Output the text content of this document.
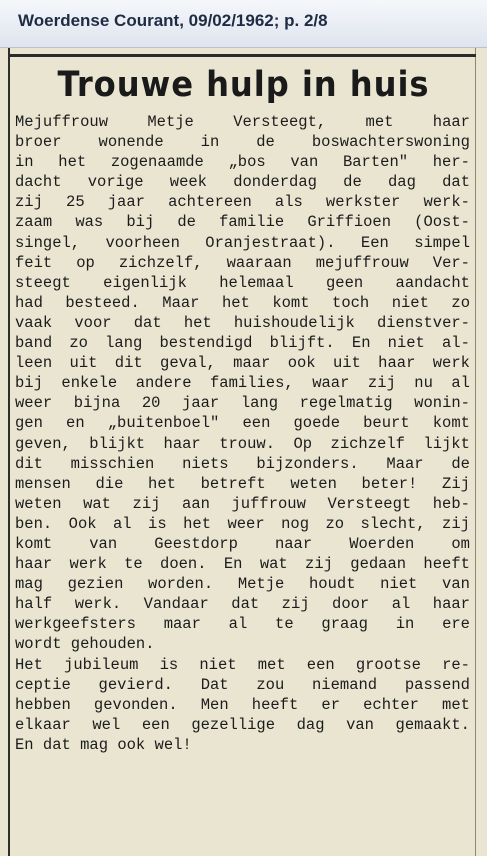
Woerdense Courant, 09/02/1962; p. 2/8
Trouwe hulp in huis
Mejuffrouw	Metje	Versteegt,	met	haar
broer wonende in de boswachterswoning
in het zogenaamde „bos van Barten" her-
dacht vorige week donderdag de dag dat
zij 25 jaar achtereen als werkster werk-
zaam was bij de familie Griffioen (Oost-
singel, voorheen Oranjestraat). Een simpel
feit op zichzelf, waaraan mejuffrouw Ver-
steegt eigenlijk helemaal geen aandacht
had besteed. Maar het komt toch niet zo
vaak voor dat het huishoudelijk dienstver-
band zo lang bestendigd blijft. En niet al-
leen uit dit geval, maar ook uit haar werk
bij enkele andere families, waar zij nu al
weer bijna 20 jaar lang regelmatig wonin-
gen en „buitenboel" een goede beurt komt
geven, blijkt haar trouw. Op zichzelf lijkt
dit misschien niets bijzonders. Maar de
mensen die het betreft weten beter! Zij
weten wat zij aan juffrouw Versteegt heb-
ben. Ook al is het weer nog zo slecht, zij
komt van Geestdorp naar Woerden om
haar werk te doen. En wat zij gedaan heeft
mag gezien worden. Metje houdt niet van
half werk. Vandaar dat zij door al haar
werkgeefsters maar al te graag in ere
wordt gehouden.
Het jubileum is niet met een grootse re-
ceptie gevierd. Dat zou niemand passend
hebben gevonden. Men heeft er echter met
elkaar wel een gezellige dag van gemaakt.
En dat mag ook wel!
